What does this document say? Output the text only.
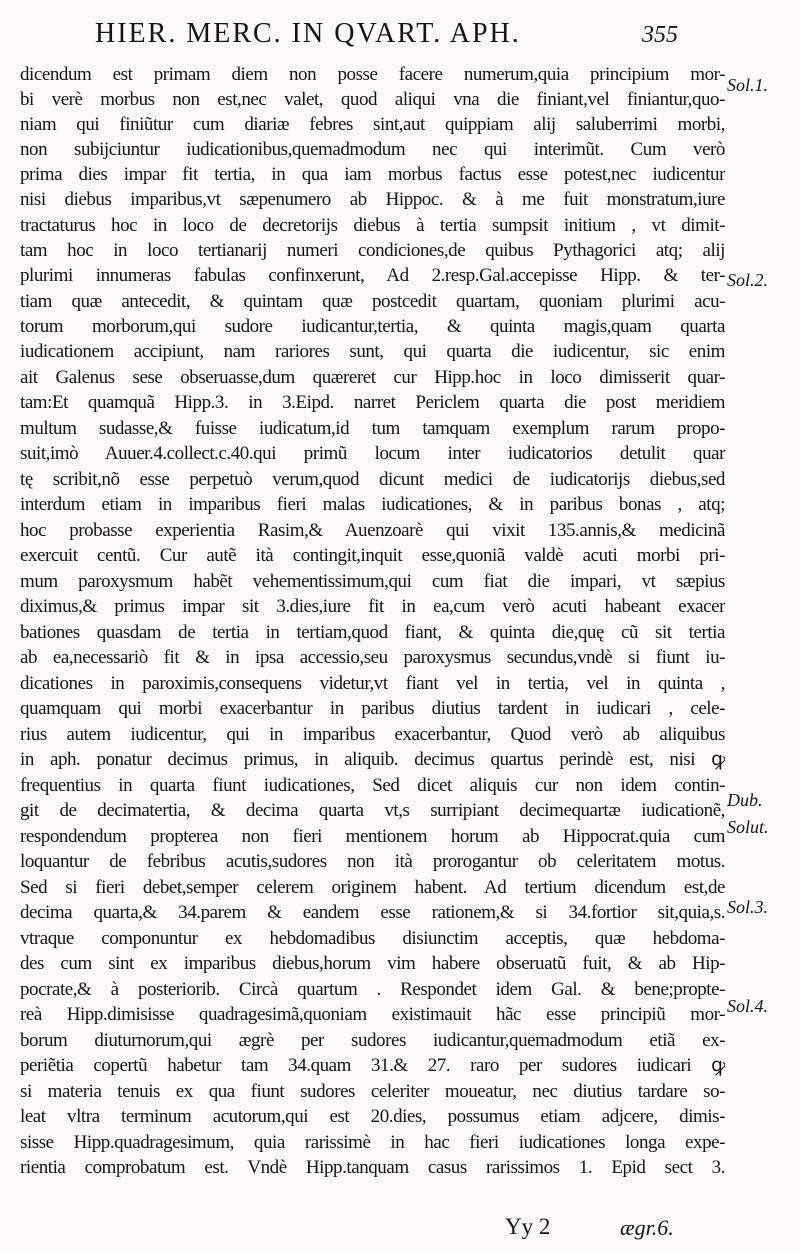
HIER. MERC. IN QVART. APH.	355
dicendum est primam diem non posse facere numerum,quia principium mor-
bi verè morbus non est,nec valet, quod aliqui vna die finiant,vel finiantur,quo-
niam qui finiũtur cum diariæ febres sint,aut quippiam alij saluberrimi morbi,
non subijciuntur iudicationibus,quemadmodum nec qui interimũt. Cum verò
prima dies impar fit tertia, in qua iam morbus factus esse potest,nec iudicentur
nisi diebus imparibus,vt sæpenumero ab Hippoc. & à me fuit monstratum,iure
tractaturus hoc in loco de decretorijs diebus à tertia sumpsit initium , vt dimit-
tam hoc in loco tertianarij numeri condiciones,de quibus Pythagorici atq; alij
plurimi innumeras fabulas confinxerunt, Ad 2.resp.Gal.accepisse Hipp. & ter-
tiam quæ antecedit, & quintam quæ postcedit quartam, quoniam plurimi acu-
torum morborum,qui sudore iudicantur,tertia, & quinta magis,quam quarta
iudicationem accipiunt, nam rariores sunt, qui quarta die iudicentur, sic enim
ait Galenus sese obseruasse,dum quæreret cur Hipp.hoc in loco dimisserit quar-
tam:Et quamquã Hipp.3. in 3.Eipd. narret Periclem quarta die post meridiem
multum sudasse,& fuisse iudicatum,id tum tamquam exemplum rarum propo-
suit,imò Auuer.4.collect.c.40.qui primũ locum inter iudicatorios detulit quar
tę scribit,nõ esse perpetuò verum,quod dicunt medici de iudicatorijs diebus,sed
interdum etiam in imparibus fieri malas iudicationes, & in paribus bonas , atq;
hoc probasse experientia Rasim,& Auenzoarè qui vixit 135.annis,& medicinã
exercuit centũ. Cur autẽ ità contingit,inquit esse,quoniã valdè acuti morbi pri-
mum paroxysmum habẽt vehementissimum,qui cum fiat die impari, vt sæpius
diximus,& primus impar sit 3.dies,iure fit in ea,cum verò acuti habeant exacer
bationes quasdam de tertia in tertiam,quod fiant, & quinta die,quę cũ sit tertia
ab ea,necessariò fit & in ipsa accessio,seu paroxysmus secundus,vndè si fiunt iu-
dicationes in paroximis,consequens videtur,vt fiant vel in tertia, vel in quinta ,
quamquam qui morbi exacerbantur in paribus diutius tardent in iudicari , cele-
rius autem iudicentur, qui in imparibus exacerbantur, Quod verò ab aliquibus
in aph. ponatur decimus primus, in aliquib. decimus quartus perindè est, nisi ꝙ
frequentius in quarta fiunt iudicationes, Sed dicet aliquis cur non idem contin-
git de decimatertia, & decima quarta vt,s surripiant decimequartæ iudicationẽ,
respondendum propterea non fieri mentionem horum ab Hippocrat.quia cum
loquantur de febribus acutis,sudores non ità prorogantur ob celeritatem motus.
Sed si fieri debet,semper celerem originem habent. Ad tertium dicendum est,de
decima quarta,& 34.parem & eandem esse rationem,& si 34.fortior sit,quia,s.
vtraque componuntur ex hebdomadibus disiunctim acceptis, quæ hebdoma-
des cum sint ex imparibus diebus,horum vim habere obseruatũ fuit, & ab Hip-
pocrate,& à posteriorib. Circà quartum . Respondet idem Gal. & bene;propte-
reà Hipp.dimisisse quadragesimã,quoniam existimauit hãc esse principiũ mor-
borum diuturnorum,qui ægrè per sudores iudicantur,quemadmodum etiã ex-
periẽtia copertũ habetur tam 34.quam 31.& 27. raro per sudores iudicari ꝙ
si materia tenuis ex qua fiunt sudores celeriter moueatur, nec diutius tardare so-
leat vltra terminum acutorum,qui est 20.dies, possumus etiam adjcere, dimis-
sisse Hipp.quadragesimum, quia rarissimè in hac fieri iudicationes longa expe-
rientia comprobatum est. Vndè Hipp.tanquam casus rarissimos 1. Epid sect 3.
Sol.1.
Sol.2.
Dub.
Solut.
Sol.3.
Sol.4.
Yy 2	ægr.6.
